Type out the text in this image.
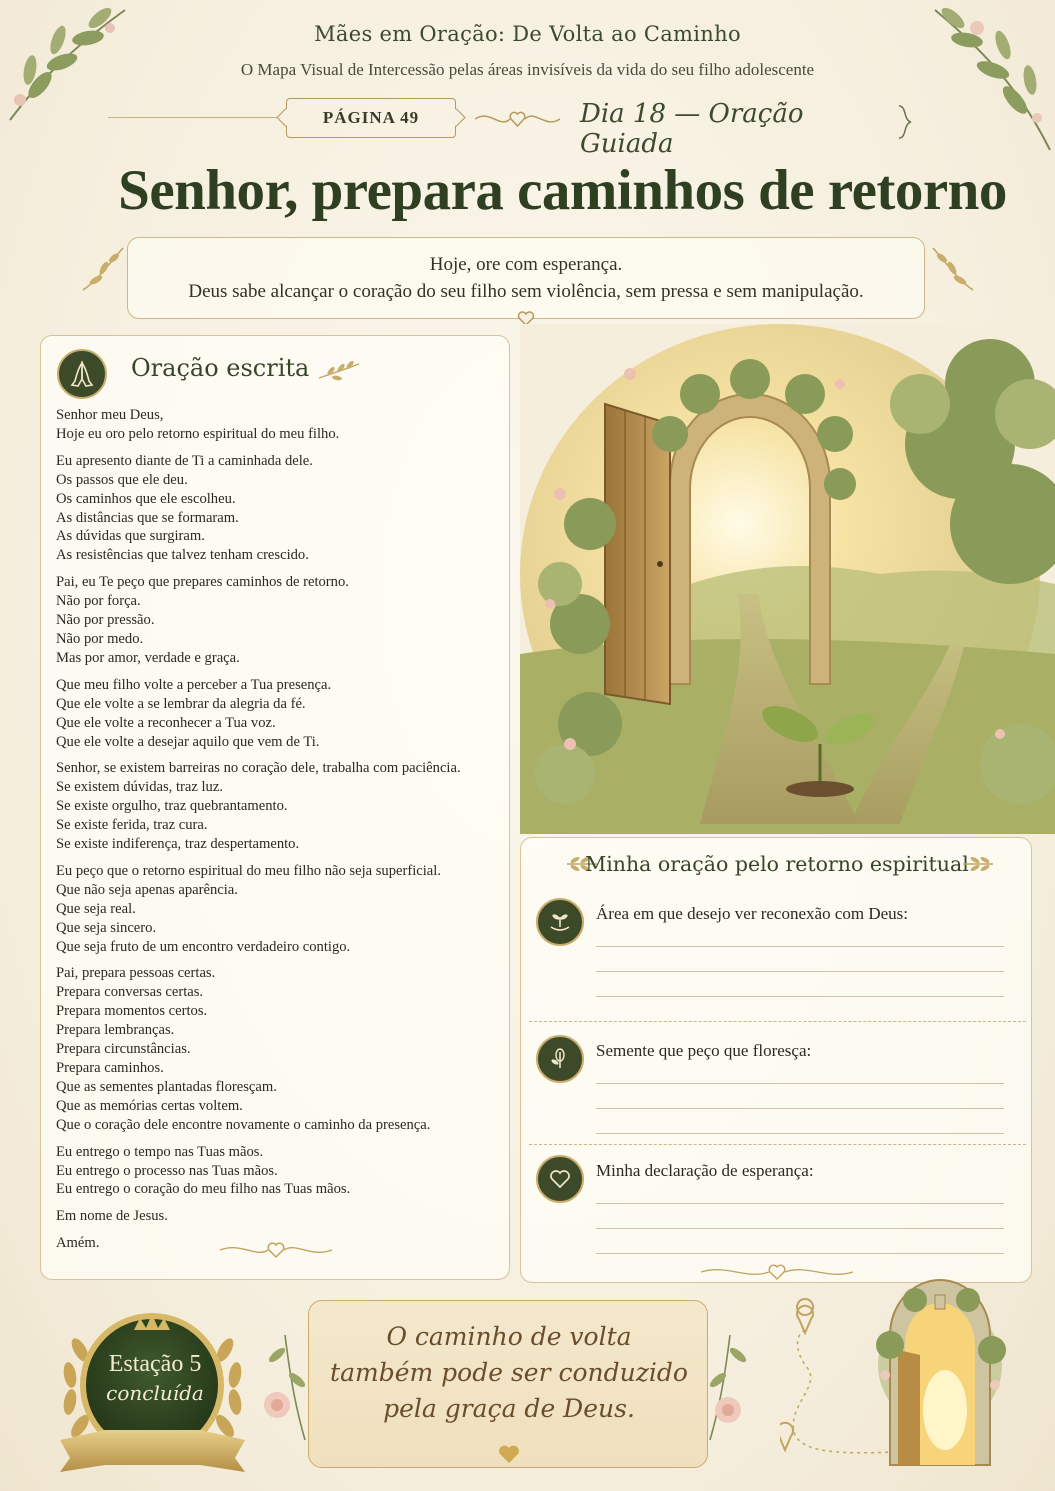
Mães em Oração: De Volta ao Caminho
O Mapa Visual de Intercessão pelas áreas invisíveis da vida do seu filho adolescente
PÁGINA 49	Dia 18 — Oração Guiada
Senhor, prepara caminhos de retorno
Hoje, ore com esperança.
Deus sabe alcançar o coração do seu filho sem violência, sem pressa e sem manipulação.
Oração escrita

Senhor meu Deus,
Hoje eu oro pelo retorno espiritual do meu filho.

Eu apresento diante de Ti a caminhada dele.
Os passos que ele deu.
Os caminhos que ele escolheu.
As distâncias que se formaram.
As dúvidas que surgiram.
As resistências que talvez tenham crescido.

Pai, eu Te peço que prepares caminhos de retorno.
Não por força.
Não por pressão.
Não por medo.
Mas por amor, verdade e graça.

Que meu filho volte a perceber a Tua presença.
Que ele volte a se lembrar da alegria da fé.
Que ele volte a reconhecer a Tua voz.
Que ele volte a desejar aquilo que vem de Ti.

Senhor, se existem barreiras no coração dele, trabalha com paciência.
Se existem dúvidas, traz luz.
Se existe orgulho, traz quebrantamento.
Se existe ferida, traz cura.
Se existe indiferença, traz despertamento.

Eu peço que o retorno espiritual do meu filho não seja superficial.
Que não seja apenas aparência.
Que seja real.
Que seja sincero.
Que seja fruto de um encontro verdadeiro contigo.

Pai, prepara pessoas certas.
Prepara conversas certas.
Prepara momentos certos.
Prepara lembranças.
Prepara circunstâncias.
Prepara caminhos.
Que as sementes plantadas floresçam.
Que as memórias certas voltem.
Que o coração dele encontre novamente o caminho da presença.

Eu entrego o tempo nas Tuas mãos.
Eu entrego o processo nas Tuas mãos.
Eu entrego o coração do meu filho nas Tuas mãos.

Em nome de Jesus.

Amém.

Minha oração pelo retorno espiritual
Área em que desejo ver reconexão com Deus:
Semente que peço que floresça:
Minha declaração de esperança:
Estação 5
concluída
O caminho de volta
também pode ser conduzido
pela graça de Deus.
